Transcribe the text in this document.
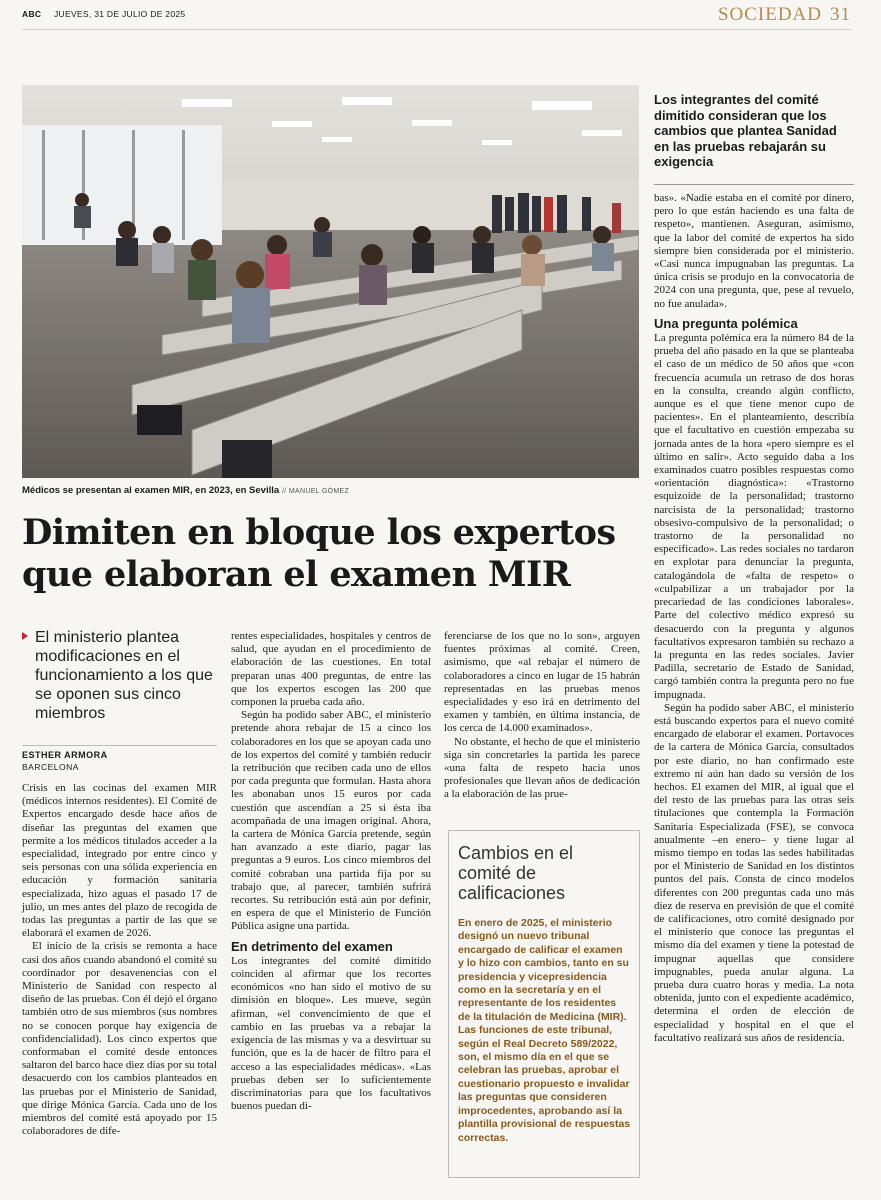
ABC JUEVES, 31 DE JULIO DE 2025	SOCIEDAD 31
Médicos se presentan al examen MIR, en 2023, en Sevilla // MANUEL GÓMEZ
Dimiten en bloque los expertos que elaboran el examen MIR
El ministerio plantea modificaciones en el funcionamiento a los que se oponen sus cinco miembros
ESTHER ARMORA
BARCELONA

Crisis en las cocinas del examen MIR (médicos internos residentes). El Comité de Expertos encargado desde hace años de diseñar las preguntas del examen que permite a los médicos titulados acceder a la especialidad, integrado por entre cinco y seis personas con una sólida experiencia en educación y formación sanitaria especializada, hizo aguas el pasado 17 de julio, un mes antes del plazo de recogida de todas las preguntas a partir de las que se elaborará el examen de 2026.

El inicio de la crisis se remonta a hace casi dos años cuando abandonó el comité su coordinador por desavenencias con el Ministerio de Sanidad con respecto al diseño de las pruebas. Con él dejó el órgano también otro de sus miembros (sus nombres no se conocen porque hay exigencia de confidencialidad). Los cinco expertos que conformaban el comité desde entonces saltaron del barco hace diez días por su total desacuerdo con los cambios planteados en las pruebas por el Ministerio de Sanidad, que dirige Mónica García. Cada uno de los miembros del comité está apoyado por 15 colaboradores de dife-

rentes especialidades, hospitales y centros de salud, que ayudan en el procedimiento de elaboración de las cuestiones. En total preparan unas 400 preguntas, de entre las que los expertos escogen las 200 que componen la prueba cada año.

Según ha podido saber ABC, el ministerio pretende ahora rebajar de 15 a cinco los colaboradores en los que se apoyan cada uno de los expertos del comité y también reducir la retribución que reciben cada uno de ellos por cada pregunta que formulan. Hasta ahora les abonaban unos 15 euros por cada cuestión que ascendían a 25 si ésta iba acompañada de una imagen original. Ahora, la cartera de Mónica García pretende, según han avanzado a este diario, pagar las preguntas a 9 euros. Los cinco miembros del comité cobraban una partida fija por su trabajo que, al parecer, también sufrirá recortes. Su retribución está aún por definir, en espera de que el Ministerio de Función Pública asigne una partida.

En detrimento del examen

Los integrantes del comité dimitido coinciden al afirmar que los recortes económicos «no han sido el motivo de su dimisión en bloque». Les mueve, según afirman, «el convencimiento de que el cambio en las pruebas va a rebajar la exigencia de las mismas y va a desvirtuar su función, que es la de hacer de filtro para el acceso a las especialidades médicas». «Las pruebas deben ser lo suficientemente discriminatorias para que los facultativos buenos puedan di-

ferenciarse de los que no lo son», arguyen fuentes próximas al comité. Creen, asimismo, que «al rebajar el número de colaboradores a cinco en lugar de 15 habrán representadas en las pruebas menos especialidades y eso irá en detrimento del examen y también, en última instancia, de los cerca de 14.000 examinados».

No obstante, el hecho de que el ministerio siga sin concretarles la partida les parece «una falta de respeto hacia unos profesionales que llevan años de dedicación a la elaboración de las prue-

Cambios en el comité de calificaciones
En enero de 2025, el ministerio designó un nuevo tribunal encargado de calificar el examen y lo hizo con cambios, tanto en su presidencia y vicepresidencia como en la secretaría y en el representante de los residentes de la titulación de Medicina (MIR). Las funciones de este tribunal, según el Real Decreto 589/2022, son, el mismo día en el que se celebran las pruebas, aprobar el cuestionario propuesto e invalidar las preguntas que consideren improcedentes, aprobando así la plantilla provisional de respuestas correctas.
Los integrantes del comité dimitido consideran que los cambios que plantea Sanidad en las pruebas rebajarán su exigencia

bas». «Nadie estaba en el comité por dinero, pero lo que están haciendo es una falta de respeto», mantienen. Aseguran, asimismo, que la labor del comité de expertos ha sido siempre bien considerada por el ministerio. «Casi nunca impugnaban las preguntas. La única crisis se produjo en la convocatoria de 2024 con una pregunta, que, pese al revuelo, no fue anulada».

Una pregunta polémica

La pregunta polémica era la número 84 de la prueba del año pasado en la que se planteaba el caso de un médico de 50 años que «con frecuencia acumula un retraso de dos horas en la consulta, creando algún conflicto, aunque es el que tiene menor cupo de pacientes». En el planteamiento, describía que el facultativo en cuestión empezaba su jornada antes de la hora «pero siempre es el último en salir». Acto seguido daba a los examinados cuatro posibles respuestas como «orientación diagnóstica»: «Trastorno esquizoide de la personalidad; trastorno narcisista de la personalidad; trastorno obsesivo-compulsivo de la personalidad; o trastorno de la personalidad no especificado». Las redes sociales no tardaron en explotar para denunciar la pregunta, catalogándola de «falta de respeto» o «culpabilizar a un trabajador por la precariedad de las condiciones laborales». Parte del colectivo médico expresó su desacuerdo con la pregunta y algunos facultativos expresaron también su rechazo a la pregunta en las redes sociales. Javier Padilla, secretario de Estado de Sanidad, cargó también contra la pregunta pero no fue impugnada.

Según ha podido saber ABC, el ministerio está buscando expertos para el nuevo comité encargado de elaborar el examen. Portavoces de la cartera de Mónica García, consultados por este diario, no han confirmado este extremo ni aún han dado su versión de los hechos. El examen del MIR, al igual que el del resto de las pruebas para las otras seis titulaciones que contempla la Formación Sanitaria Especializada (FSE), se convoca anualmente –en enero– y tiene lugar al mismo tiempo en todas las sedes habilitadas por el Ministerio de Sanidad en los distintos puntos del país. Consta de cinco modelos diferentes con 200 preguntas cada uno más diez de reserva en previsión de que el comité de calificaciones, otro comité designado por el ministerio que conoce las preguntas el mismo día del examen y tiene la potestad de impugnar aquellas que considere impugnables, pueda anular alguna. La prueba dura cuatro horas y media. La nota obtenida, junto con el expediente académico, determina el orden de elección de especialidad y hospital en el que el facultativo realizará sus años de residencia.
